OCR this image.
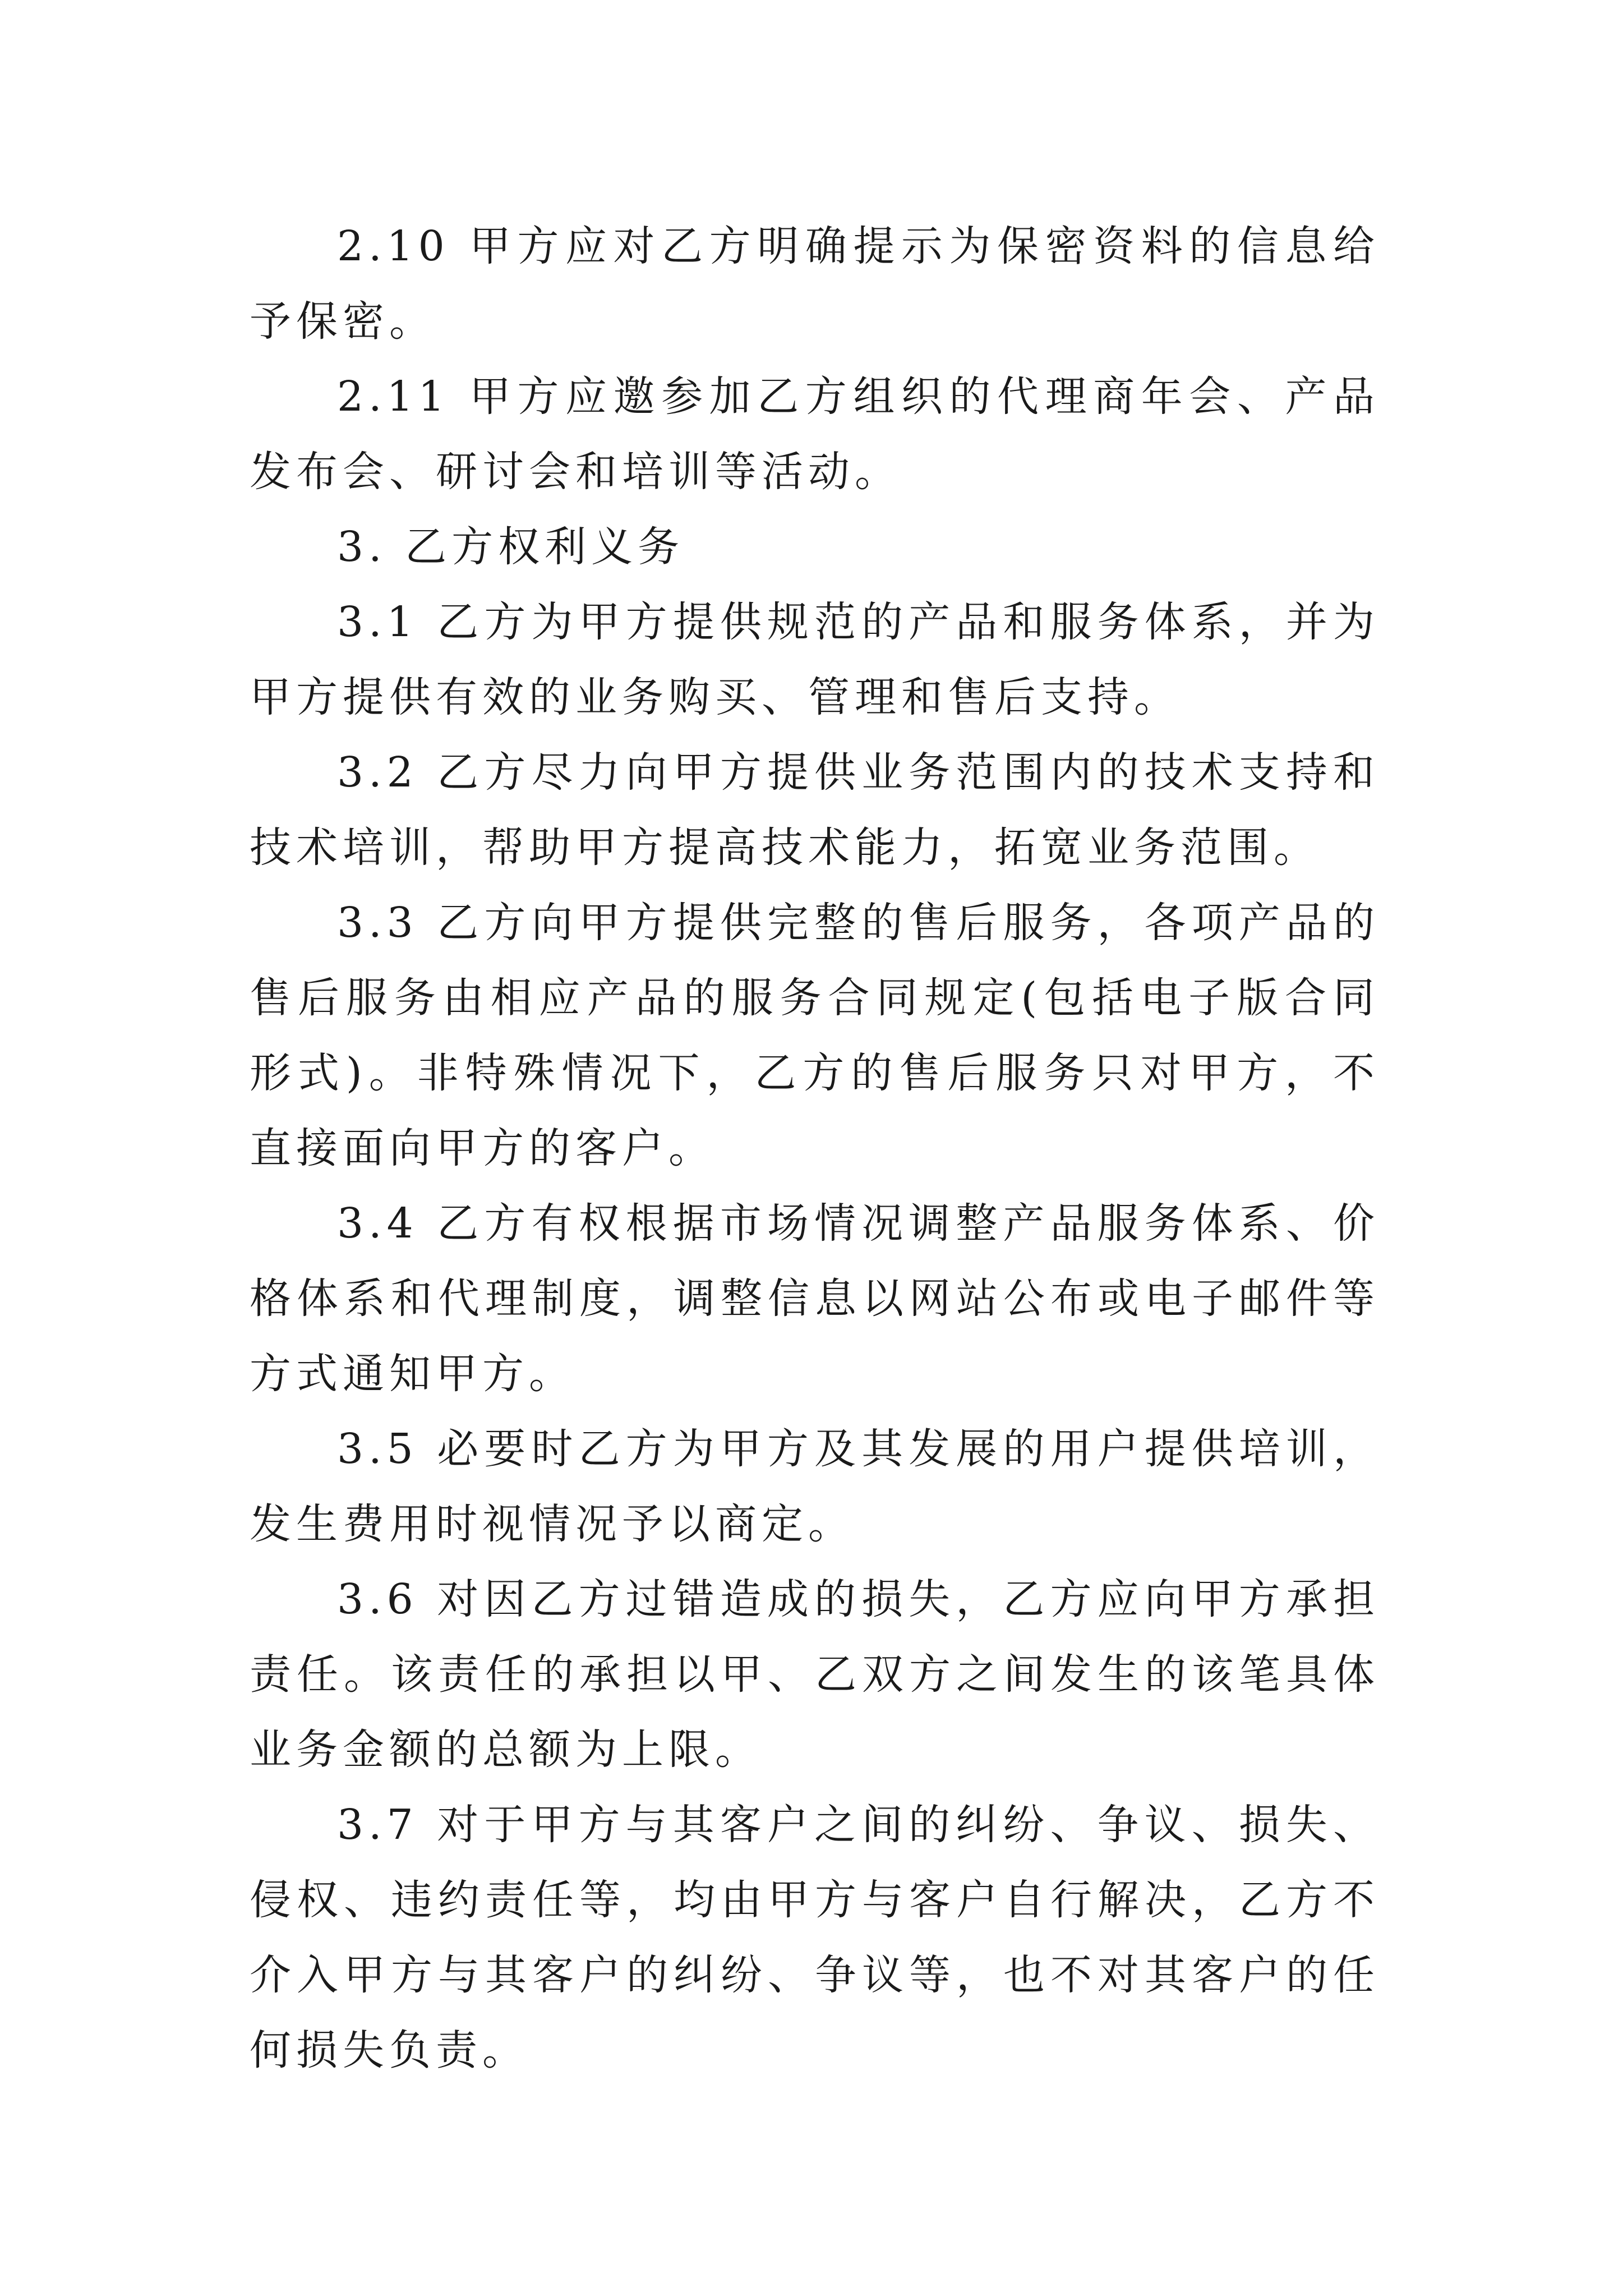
2.10 甲方应对乙方明确提示为保密资料的信息给予保密。

2.11 甲方应邀参加乙方组织的代理商年会、产品发布会、研讨会和培训等活动。

3. 乙方权利义务

3.1 乙方为甲方提供规范的产品和服务体系，并为甲方提供有效的业务购买、管理和售后支持。

3.2 乙方尽力向甲方提供业务范围内的技术支持和技术培训，帮助甲方提高技术能力，拓宽业务范围。

3.3 乙方向甲方提供完整的售后服务，各项产品的售后服务由相应产品的服务合同规定(包括电子版合同形式)。非特殊情况下，乙方的售后服务只对甲方，不直接面向甲方的客户。

3.4 乙方有权根据市场情况调整产品服务体系、价格体系和代理制度，调整信息以网站公布或电子邮件等方式通知甲方。

3.5 必要时乙方为甲方及其发展的用户提供培训， 发生费用时视情况予以商定。

3.6 对因乙方过错造成的损失，乙方应向甲方承担责任。该责任的承担以甲、乙双方之间发生的该笔具体业务金额的总额为上限。

3.7 对于甲方与其客户之间的纠纷、争议、损失、侵权、违约责任等，均由甲方与客户自行解决，乙方不介入甲方与其客户的纠纷、争议等，也不对其客户的任何损失负责。
